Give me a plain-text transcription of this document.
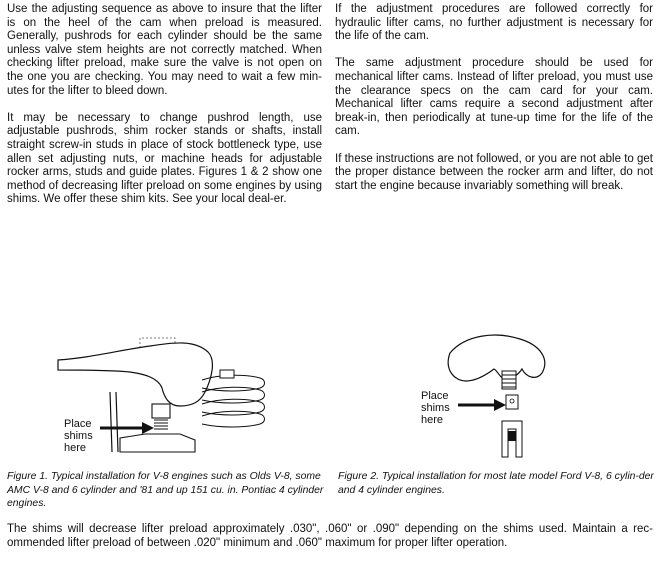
Use the adjusting sequence as above to insure that the lifter is on the heel of the cam when preload is measured. Generally, pushrods for each cylinder should be the same unless valve stem heights are not correctly matched. When checking lifter preload, make sure the valve is not open on the one you are checking. You may need to wait a few min-utes for the lifter to bleed down.

It may be necessary to change pushrod length, use adjustable pushrods, shim rocker stands or shafts, install straight screw-in studs in place of stock bottleneck type, use allen set adjusting nuts, or machine heads for adjustable rocker arms, studs and guide plates. Figures 1 & 2 show one method of decreasing lifter preload on some engines by using shims. We offer these shim kits. See your local deal-er.

If the adjustment procedures are followed correctly for hydraulic lifter cams, no further adjustment is necessary for the life of the cam.

The same adjustment procedure should be used for mechanical lifter cams. Instead of lifter preload, you must use the clearance specs on the cam card for your cam. Mechanical lifter cams require a second adjustment after break-in, then periodically at tune-up time for the life of the cam.

If these instructions are not followed, or you are not able to get the proper distance between the rocker arm and lifter, do not start the engine because invariably something will break.

Place
shims
here
Place
shims
here
Figure 1. Typical installation for V-8 engines such as Olds V-8, some AMC V-8 and 6 cylinder and '81 and up 151 cu. in. Pontiac 4 cylinder engines.
Figure 2. Typical installation for most late model Ford V-8, 6 cylin-der and 4 cylinder engines.

The shims will decrease lifter preload approximately .030", .060" or .090" depending on the shims used. Maintain a rec-ommended lifter preload of between .020" minimum and .060" maximum for proper lifter operation.
